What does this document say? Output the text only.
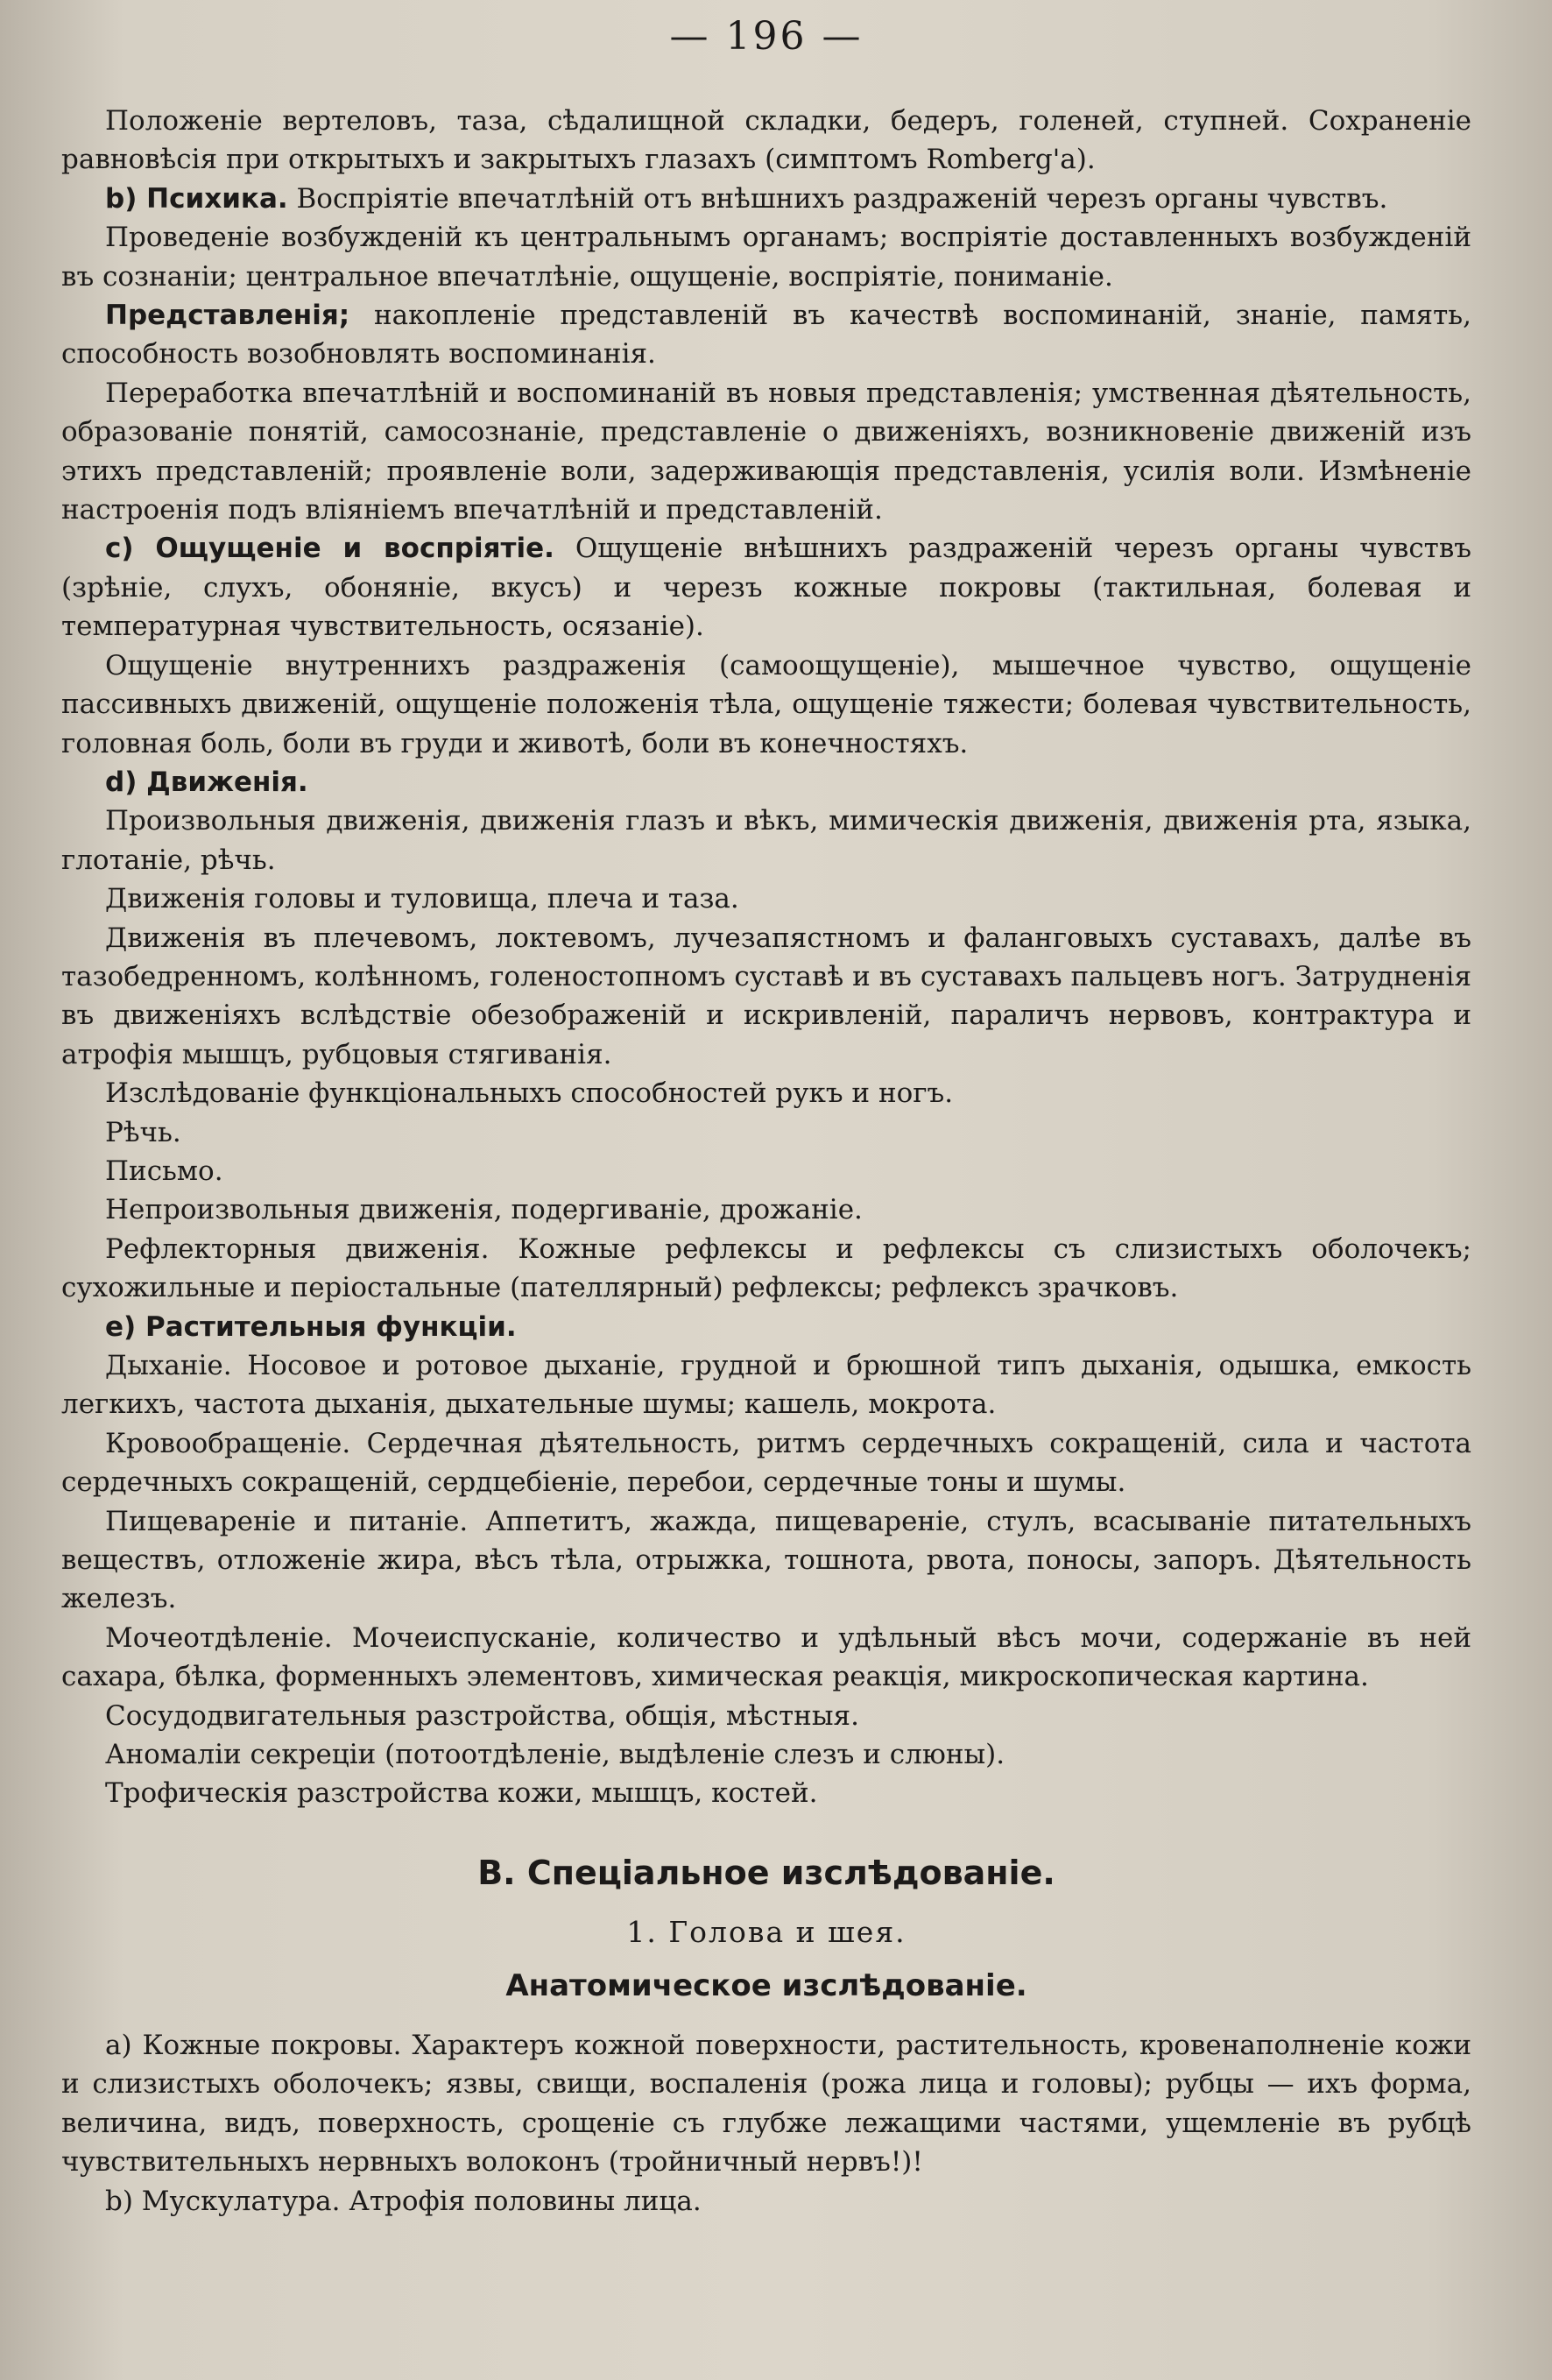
— 196 —

Положенiе вертеловъ, таза, сѣдалищной складки, бедеръ, голеней, ступней. Сохраненiе равновѣсiя при открытыхъ и закрытыхъ глазахъ (симптомъ Romberg'a).

b) Психика. Воспрiятiе впечатлѣнiй отъ внѣшнихъ раздраженiй черезъ органы чувствъ.

Проведенiе возбужденiй къ центральнымъ органамъ; воспрiятiе доставленныхъ возбужденiй въ сознанiи; центральное впечатлѣнiе, ощущенiе, воспрiятiе, пониманiе.

Представленiя; накопленiе представленiй въ качествѣ воспоминанiй, знанiе, память, способность возобновлять воспоминанiя.

Переработка впечатлѣнiй и воспоминанiй въ новыя представленiя; умственная дѣятельность, образованiе понятiй, самосознанiе, представленiе о движенiяхъ, возникновенiе движенiй изъ этихъ представленiй; проявленiе воли, задерживающiя представленiя, усилiя воли. Измѣненiе настроенiя подъ влiянiемъ впечатлѣнiй и представленiй.

c) Ощущенiе и воспрiятiе. Ощущенiе внѣшнихъ раздраженiй черезъ органы чувствъ (зрѣнiе, слухъ, обонянiе, вкусъ) и черезъ кожные покровы (тактильная, болевая и температурная чувствительность, осязанiе).

Ощущенiе внутреннихъ раздраженiя (самоощущенiе), мышечное чувство, ощущенiе пассивныхъ движенiй, ощущенiе положенiя тѣла, ощущенiе тяжести; болевая чувствительность, головная боль, боли въ груди и животѣ, боли въ конечностяхъ.

d) Движенiя.

Произвольныя движенiя, движенiя глазъ и вѣкъ, мимическiя движенiя, движенiя рта, языка, глотанiе, рѣчь.

Движенiя головы и туловища, плеча и таза.

Движенiя въ плечевомъ, локтевомъ, лучезапястномъ и фаланговыхъ суставахъ, далѣе въ тазобедренномъ, колѣнномъ, голеностопномъ суставѣ и въ суставахъ пальцевъ ногъ. Затрудненiя въ движенiяхъ вслѣдствiе обезображенiй и искривленiй, параличъ нервовъ, контрактура и атрофiя мышцъ, рубцовыя стягиванiя.

Изслѣдованiе функцiональныхъ способностей рукъ и ногъ.

Рѣчь.

Письмо.

Непроизвольныя движенiя, подергиванiе, дрожанiе.

Рефлекторныя движенiя. Кожные рефлексы и рефлексы съ слизистыхъ оболочекъ; сухожильные и перiостальные (пателлярный) рефлексы; рефлексъ зрачковъ.

e) Растительныя функцiи.

Дыханiе. Носовое и ротовое дыханiе, грудной и брюшной типъ дыханiя, одышка, емкость легкихъ, частота дыханiя, дыхательные шумы; кашель, мокрота.

Кровообращенiе. Сердечная дѣятельность, ритмъ сердечныхъ сокращенiй, сила и частота сердечныхъ сокращенiй, сердцебiенiе, перебои, сердечные тоны и шумы.

Пищеваренiе и питанiе. Аппетитъ, жажда, пищеваренiе, стулъ, всасыванiе питательныхъ веществъ, отложенiе жира, вѣсъ тѣла, отрыжка, тошнота, рвота, поносы, запоръ. Дѣятельность железъ.

Мочеотдѣленiе. Мочеиспусканiе, количество и удѣльный вѣсъ мочи, содержанiе въ ней сахара, бѣлка, форменныхъ элементовъ, химическая реакцiя, микроскопическая картина.

Сосудодвигательныя разстройства, общiя, мѣстныя.

Аномалiи секрецiи (потоотдѣленiе, выдѣленiе слезъ и слюны).

Трофическiя разстройства кожи, мышцъ, костей.

B. Спецiальное изслѣдованiе.
1. Голова и шея.
Анатомическое изслѣдованiе.

a) Кожные покровы. Характеръ кожной поверхности, растительность, кровенаполненiе кожи и слизистыхъ оболочекъ; язвы, свищи, воспаленiя (рожа лица и головы); рубцы — ихъ форма, величина, видъ, поверхность, срощенiе съ глубже лежащими частями, ущемленiе въ рубцѣ чувствительныхъ нервныхъ волоконъ (тройничный нервъ!)!

b) Мускулатура. Атрофiя половины лица.
